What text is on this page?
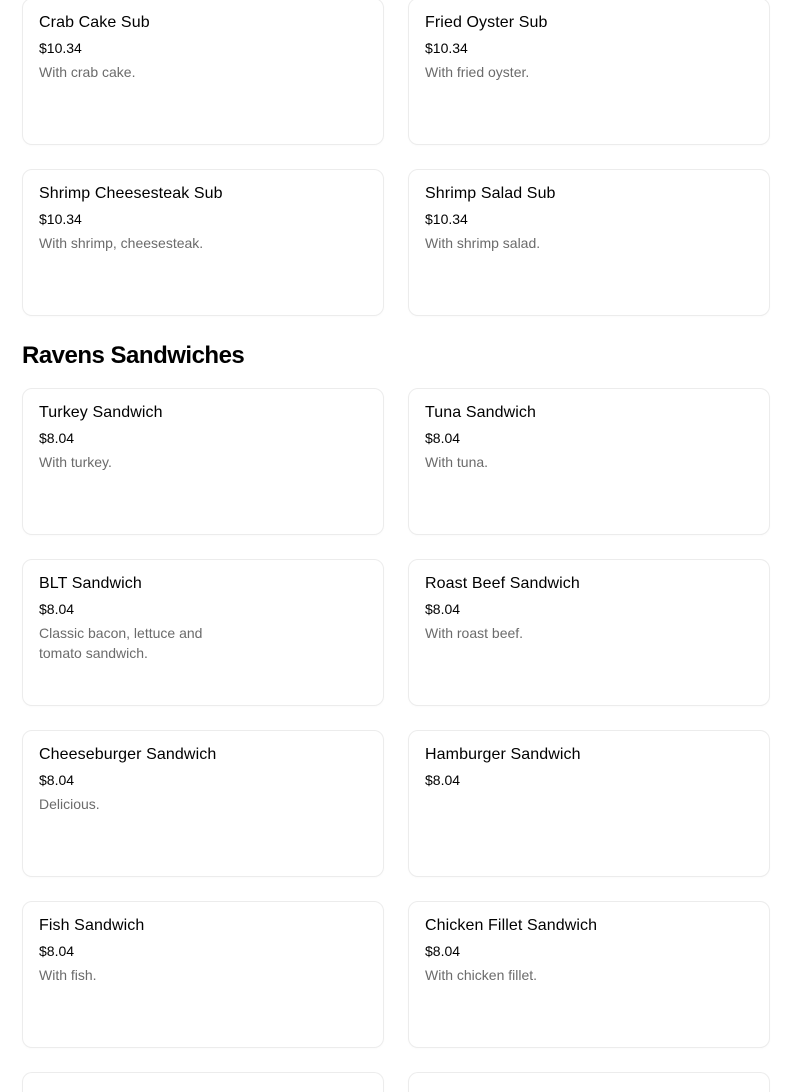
Crab Cake Sub
$10.34
With crab cake.
Fried Oyster Sub
$10.34
With fried oyster.
Shrimp Cheesesteak Sub
$10.34
With shrimp, cheesesteak.
Shrimp Salad Sub
$10.34
With shrimp salad.
Ravens Sandwiches
Turkey Sandwich
$8.04
With turkey.
Tuna Sandwich
$8.04
With tuna.
BLT Sandwich
$8.04
Classic bacon, lettuce and tomato sandwich.
Roast Beef Sandwich
$8.04
With roast beef.
Cheeseburger Sandwich
$8.04
Delicious.
Hamburger Sandwich
$8.04
Fish Sandwich
$8.04
With fish.
Chicken Fillet Sandwich
$8.04
With chicken fillet.
